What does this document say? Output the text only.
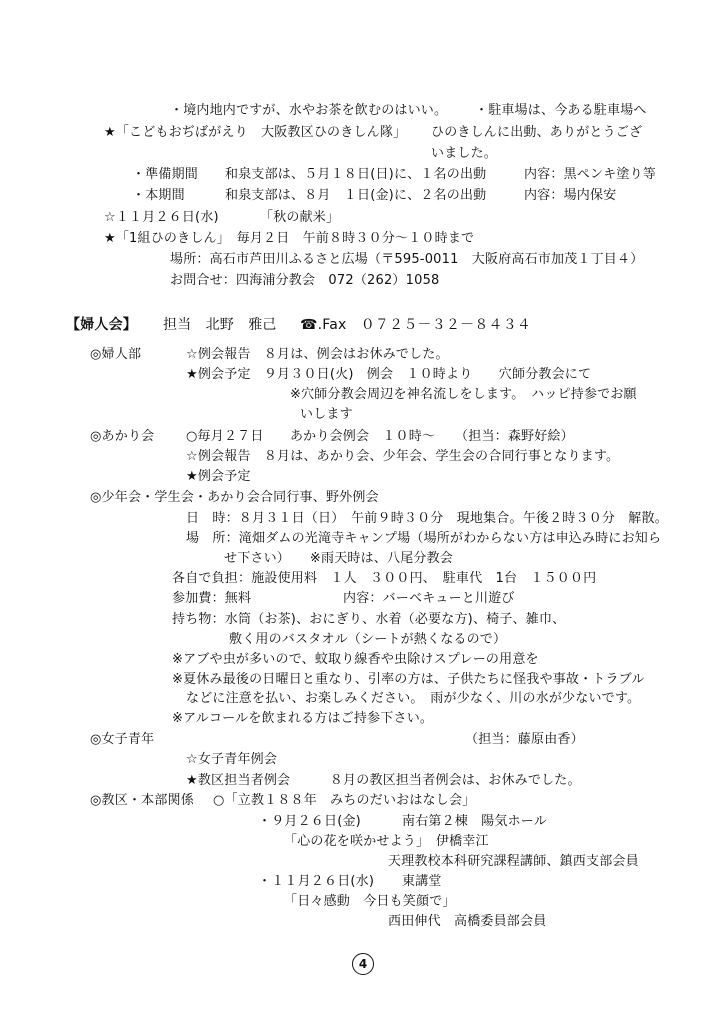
・境内地内ですが、水やお茶を飲むのはいい。 ・駐車場は、今ある駐車場へ
★「こどもおぢばがえり　大阪教区ひのきしん隊」 ひのきしんに出動、ありがとうござ
いました。
・準備期間 和泉支部は、５月１８日(日)に、１名の出動	内容：黒ペンキ塗り等
・本期間	和泉支部は、８月　１日(金)に、２名の出動	内容：場内保安
☆１１月２６日(水)	「秋の献米」
★「1組ひのきしん」　毎月２日　午前８時３０分～１０時まで
場所：高石市芦田川ふるさと広場（〒595-0011　大阪府高石市加茂１丁目４）
お問合せ：四海浦分教会　072（262）1058
【婦人会】 担当　北野　雅己 ☎.Fax　０７２５－３２－８４３４
◎婦人部	☆例会報告　８月は、例会はお休みでした。
★例会予定　９月３０日(火)　例会　１０時より　　穴師分教会にて
※穴師分教会周辺を神名流しをします。　ハッピ持参でお願
いします
◎あかり会 ○毎月２７日　　あかり会例会　１０時～　　（担当：森野好絵）
☆例会報告　８月は、あかり会、少年会、学生会の合同行事となります。
★例会予定
◎少年会・学生会・あかり会合同行事、野外例会
日　時：８月３１日（日）　午前９時３０分　現地集合。午後２時３０分　解散。
場　所：滝畑ダムの光滝寺キャンプ場（場所がわからない方は申込み時にお知ら
せ下さい）　　※雨天時は、八尾分教会
各自で負担：施設使用料　１人　３００円、　駐車代　1台　１５００円
参加費：無料	内容：バーベキューと川遊び
持ち物：水筒（お茶)、おにぎり、水着（必要な方)、椅子、雑巾、
敷く用のバスタオル（シートが熱くなるので）
※アブや虫が多いので、蚊取り線香や虫除けスプレーの用意を
※夏休み最後の日曜日と重なり、引率の方は、子供たちに怪我や事故・トラブル
などに注意を払い、お楽しみください。　雨が少なく、川の水が少ないです。
※アルコールを飲まれる方はご持参下さい。
◎女子青年	（担当：藤原由香）
☆女子青年例会
★教区担当者例会　　　８月の教区担当者例会は、お休みでした。
◎教区・本部関係 ○「立教１８８年　みちのだいおはなし会」
・９月２６日(金)	南右第２棟　陽気ホール
「心の花を咲かせよう」　伊橋幸江
天理教校本科研究課程講師、鎮西支部会員
・１１月２６日(水) 東講堂
「日々感動　今日も笑顔で」
西田伸代　高橋委員部会員
4
